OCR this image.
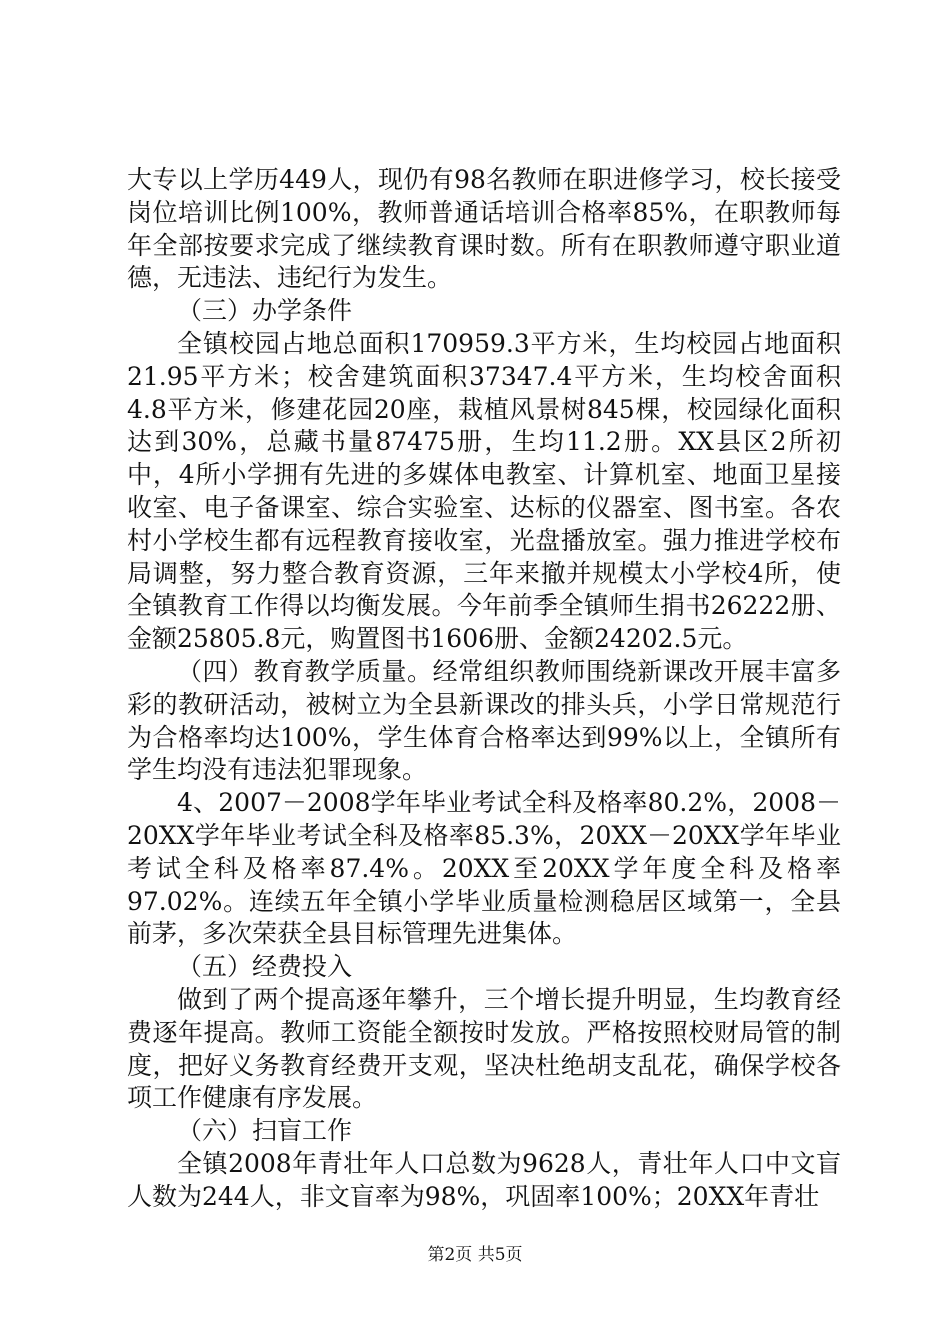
大专以上学历449人，现仍有98名教师在职进修学习，校长接受岗位培训比例100%，教师普通话培训合格率85%，在职教师每年全部按要求完成了继续教育课时数。所有在职教师遵守职业道德，无违法、违纪行为发生。

（三）办学条件

全镇校园占地总面积170959.3平方米，生均校园占地面积21.95平方米；校舍建筑面积37347.4平方米，生均校舍面积4.8平方米，修建花园20座，栽植风景树845棵，校园绿化面积达到30%，总藏书量87475册，生均11.2册。XX县区2所初中，4所小学拥有先进的多媒体电教室、计算机室、地面卫星接收室、电子备课室、综合实验室、达标的仪器室、图书室。各农村小学校生都有远程教育接收室，光盘播放室。强力推进学校布局调整，努力整合教育资源，三年来撤并规模太小学校4所，使全镇教育工作得以均衡发展。今年前季全镇师生捐书26222册、金额25805.8元，购置图书1606册、金额24202.5元。

（四）教育教学质量。经常组织教师围绕新课改开展丰富多彩的教研活动，被树立为全县新课改的排头兵，小学日常规范行为合格率均达100%，学生体育合格率达到99%以上，全镇所有学生均没有违法犯罪现象。

4、2007－2008学年毕业考试全科及格率80.2%，2008－20XX学年毕业考试全科及格率85.3%，20XX－20XX学年毕业考试全科及格率87.4%。20XX至20XX学年度全科及格率97.02%。连续五年全镇小学毕业质量检测稳居区域第一，全县前茅，多次荣获全县目标管理先进集体。

（五）经费投入

做到了两个提高逐年攀升，三个增长提升明显，生均教育经费逐年提高。教师工资能全额按时发放。严格按照校财局管的制度，把好义务教育经费开支观，坚决杜绝胡支乱花，确保学校各项工作健康有序发展。

（六）扫盲工作

全镇2008年青壮年人口总数为9628人，青壮年人口中文盲人数为244人，非文盲率为98%，巩固率100%；20XX年青壮

第2页 共5页
